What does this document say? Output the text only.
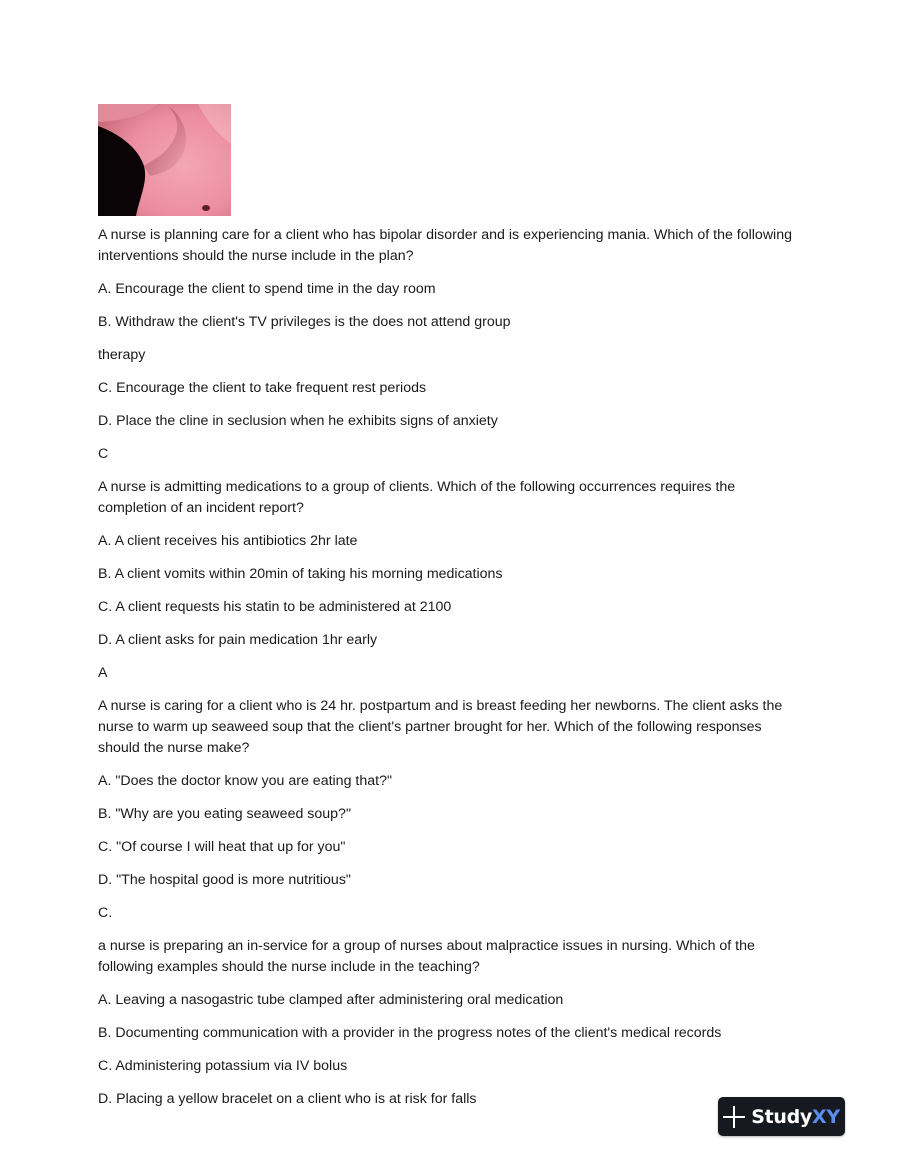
A nurse is planning care for a client who has bipolar disorder and is experiencing mania. Which of the following interventions should the nurse include in the plan?

A. Encourage the client to spend time in the day room

B. Withdraw the client's TV privileges is the does not attend group

therapy

C. Encourage the client to take frequent rest periods

D. Place the cline in seclusion when he exhibits signs of anxiety

C

A nurse is admitting medications to a group of clients. Which of the following occurrences requires the completion of an incident report?

A. A client receives his antibiotics 2hr late

B. A client vomits within 20min of taking his morning medications

C. A client requests his statin to be administered at 2100

D. A client asks for pain medication 1hr early

A

A nurse is caring for a client who is 24 hr. postpartum and is breast feeding her newborns. The client asks the nurse to warm up seaweed soup that the client's partner brought for her. Which of the following responses should the nurse make?

A. "Does the doctor know you are eating that?"

B. "Why are you eating seaweed soup?"

C. "Of course I will heat that up for you"

D. "The hospital good is more nutritious"

C.

a nurse is preparing an in-service for a group of nurses about malpractice issues in nursing. Which of the following examples should the nurse include in the teaching?

A. Leaving a nasogastric tube clamped after administering oral medication

B. Documenting communication with a provider in the progress notes of the client's medical records

C. Administering potassium via IV bolus

D. Placing a yellow bracelet on a client who is at risk for falls

StudyXY
